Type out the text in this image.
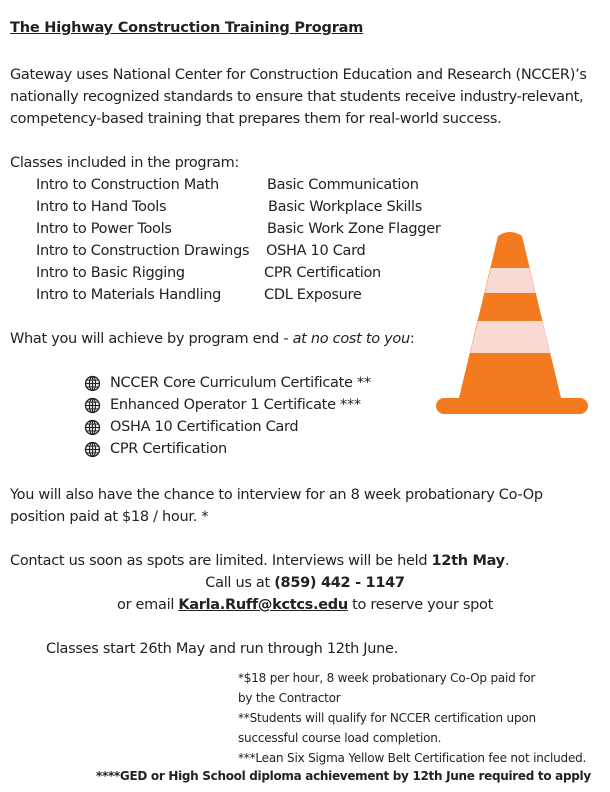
The Highway Construction Training Program
Gateway uses National Center for Construction Education and Research (NCCER)’s
nationally recognized standards to ensure that students receive industry-relevant,
competency-based training that prepares them for real-world success.
Classes included in the program:
Intro to Construction Math
Intro to Hand Tools
Intro to Power Tools
Intro to Construction Drawings
Intro to Basic Rigging
Intro to Materials Handling
Basic Communication
Basic Workplace Skills
Basic Work Zone Flagger
OSHA 10 Card
CPR Certification
CDL Exposure
What you will achieve by program end - at no cost to you:
NCCER Core Curriculum Certificate **
Enhanced Operator 1 Certificate ***
OSHA 10 Certification Card
CPR Certification
You will also have the chance to interview for an 8 week probationary Co-Op
position paid at $18 / hour. *
Contact us soon as spots are limited. Interviews will be held 12th May.
Call us at (859) 442 - 1147
or email Karla.Ruff@kctcs.edu to reserve your spot
Classes start 26th May and run through 12th June.
*$18 per hour, 8 week probationary Co-Op paid for
by the Contractor
**Students will qualify for NCCER certification upon
successful course load completion.
***Lean Six Sigma Yellow Belt Certification fee not included.
****GED or High School diploma achievement by 12th June required to apply
